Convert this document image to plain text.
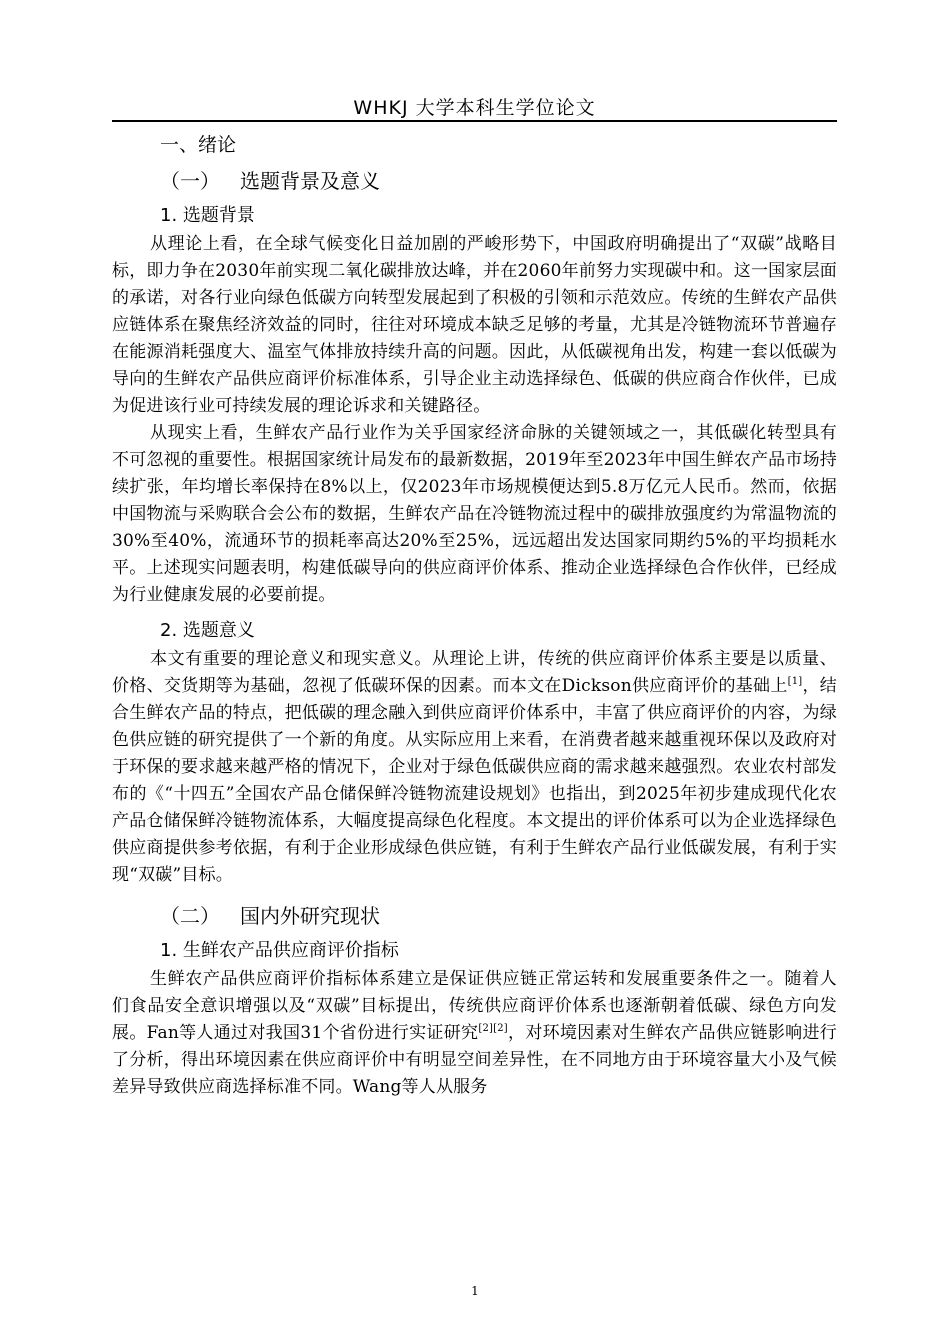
WHKJ 大学本科生学位论文
一、绪论
（一） 选题背景及意义
1. 选题背景

从理论上看，在全球气候变化日益加剧的严峻形势下，中国政府明确提出了“双碳”战略目标，即力争在2030年前实现二氧化碳排放达峰，并在2060年前努力实现碳中和。这一国家层面的承诺，对各行业向绿色低碳方向转型发展起到了积极的引领和示范效应。传统的生鲜农产品供应链体系在聚焦经济效益的同时，往往对环境成本缺乏足够的考量，尤其是冷链物流环节普遍存在能源消耗强度大、温室气体排放持续升高的问题。因此，从低碳视角出发，构建一套以低碳为导向的生鲜农产品供应商评价标准体系，引导企业主动选择绿色、低碳的供应商合作伙伴，已成为促进该行业可持续发展的理论诉求和关键路径。

从现实上看，生鲜农产品行业作为关乎国家经济命脉的关键领域之一，其低碳化转型具有不可忽视的重要性。根据国家统计局发布的最新数据，2019年至2023年中国生鲜农产品市场持续扩张，年均增长率保持在8%以上，仅2023年市场规模便达到5.8万亿元人民币。然而，依据中国物流与采购联合会公布的数据，生鲜农产品在冷链物流过程中的碳排放强度约为常温物流的30%至40%，流通环节的损耗率高达20%至25%，远远超出发达国家同期约5%的平均损耗水平。上述现实问题表明，构建低碳导向的供应商评价体系、推动企业选择绿色合作伙伴，已经成为行业健康发展的必要前提。

2. 选题意义

本文有重要的理论意义和现实意义。从理论上讲，传统的供应商评价体系主要是以质量、价格、交货期等为基础，忽视了低碳环保的因素。而本文在Dickson供应商评价的基础上[1]，结合生鲜农产品的特点，把低碳的理念融入到供应商评价体系中，丰富了供应商评价的内容，为绿色供应链的研究提供了一个新的角度。从实际应用上来看，在消费者越来越重视环保以及政府对于环保的要求越来越严格的情况下，企业对于绿色低碳供应商的需求越来越强烈。农业农村部发布的《“十四五”全国农产品仓储保鲜冷链物流建设规划》也指出，到2025年初步建成现代化农产品仓储保鲜冷链物流体系，大幅度提高绿色化程度。本文提出的评价体系可以为企业选择绿色供应商提供参考依据，有利于企业形成绿色供应链，有利于生鲜农产品行业低碳发展，有利于实现“双碳”目标。

（二） 国内外研究现状
1. 生鲜农产品供应商评价指标

生鲜农产品供应商评价指标体系建立是保证供应链正常运转和发展重要条件之一。随着人们食品安全意识增强以及“双碳”目标提出，传统供应商评价体系也逐渐朝着低碳、绿色方向发展。Fan等人通过对我国31个省份进行实证研究[2][2]，对环境因素对生鲜农产品供应链影响进行了分析，得出环境因素在供应商评价中有明显空间差异性，在不同地方由于环境容量大小及气候差异导致供应商选择标准不同。Wang等人从服务

1
